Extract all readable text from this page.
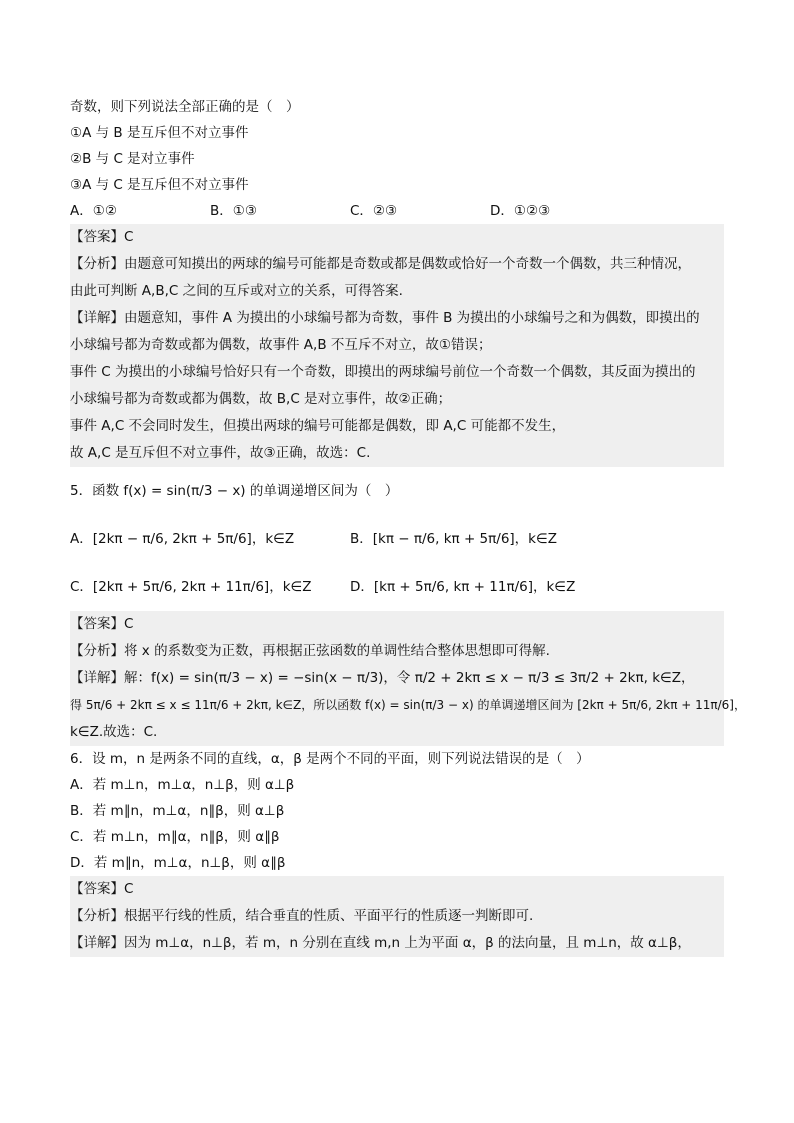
奇数，则下列说法全部正确的是（　）
①A 与 B 是互斥但不对立事件
②B 与 C 是对立事件
③A 与 C 是互斥但不对立事件
A．①②	B．①③	C．②③	D．①②③
【答案】C
【分析】由题意可知摸出的两球的编号可能都是奇数或都是偶数或恰好一个奇数一个偶数，共三种情况，
由此可判断 A,B,C 之间的互斥或对立的关系，可得答案.
【详解】由题意知，事件 A 为摸出的小球编号都为奇数，事件 B 为摸出的小球编号之和为偶数，即摸出的
小球编号都为奇数或都为偶数，故事件 A,B 不互斥不对立，故①错误；
事件 C 为摸出的小球编号恰好只有一个奇数，即摸出的两球编号前位一个奇数一个偶数，其反面为摸出的
小球编号都为奇数或都为偶数，故 B,C 是对立事件，故②正确；
事件 A,C 不会同时发生，但摸出两球的编号可能都是偶数，即 A,C 可能都不发生，
故 A,C 是互斥但不对立事件，故③正确，故选：C.
5．函数 f(x) = sin(π/3 − x) 的单调递增区间为（　）
A．[2kπ − π/6, 2kπ + 5π/6]，k∈Z	B．[kπ − π/6, kπ + 5π/6]，k∈Z
C．[2kπ + 5π/6, 2kπ + 11π/6]，k∈Z	D．[kπ + 5π/6, kπ + 11π/6]，k∈Z
【答案】C
【分析】将 x 的系数变为正数，再根据正弦函数的单调性结合整体思想即可得解.
【详解】解：f(x) = sin(π/3 − x) = −sin(x − π/3)，令 π/2 + 2kπ ≤ x − π/3 ≤ 3π/2 + 2kπ, k∈Z，
得 5π/6 + 2kπ ≤ x ≤ 11π/6 + 2kπ, k∈Z，所以函数 f(x) = sin(π/3 − x) 的单调递增区间为 [2kπ + 5π/6, 2kπ + 11π/6]，
k∈Z.故选：C.
6．设 m，n 是两条不同的直线，α，β 是两个不同的平面，则下列说法错误的是（　）
A．若 m⊥n，m⊥α，n⊥β，则 α⊥β
B．若 m∥n，m⊥α，n∥β，则 α⊥β
C．若 m⊥n，m∥α，n∥β，则 α∥β
D．若 m∥n，m⊥α，n⊥β，则 α∥β
【答案】C
【分析】根据平行线的性质，结合垂直的性质、平面平行的性质逐一判断即可.
【详解】因为 m⊥α，n⊥β，若 m，n 分别在直线 m,n 上为平面 α，β 的法向量，且 m⊥n，故 α⊥β，
